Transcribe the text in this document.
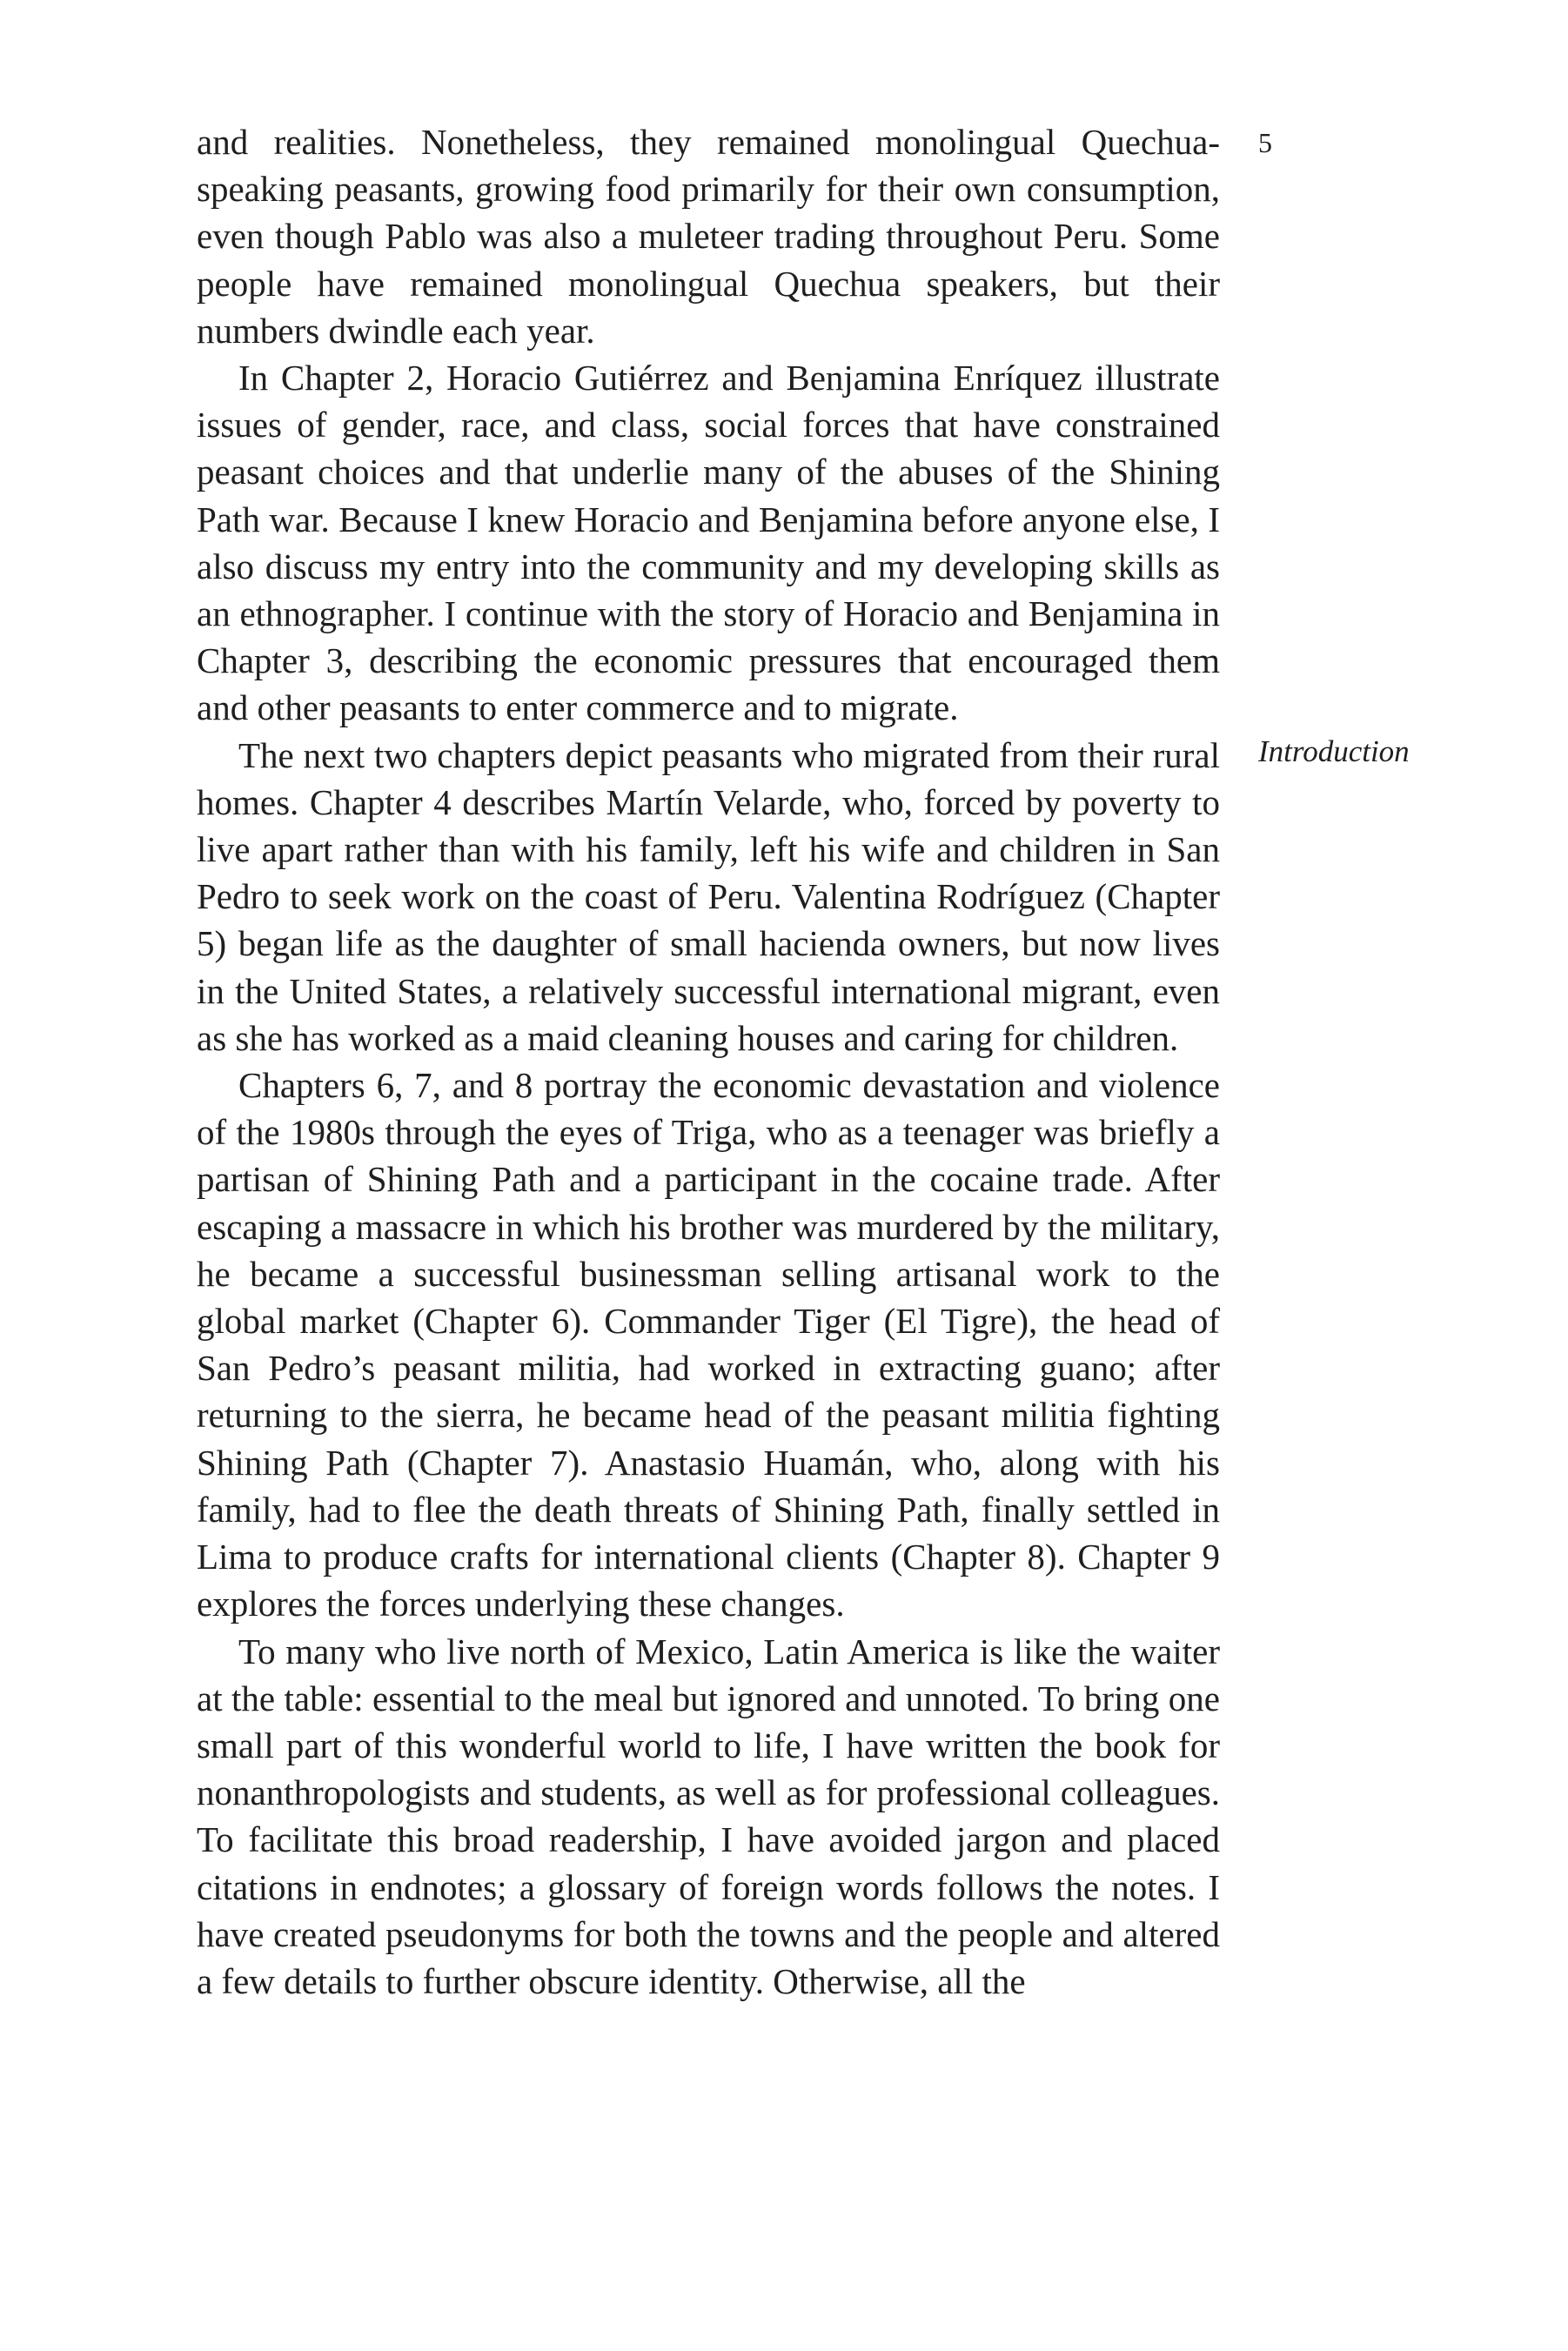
5
Introduction

and realities. Nonetheless, they remained monolingual Quechua-speaking peasants, growing food primarily for their own consumption, even though Pablo was also a muleteer trading throughout Peru. Some people have remained monolingual Quechua speakers, but their numbers dwindle each year.

In Chapter 2, Horacio Gutiérrez and Benjamina Enríquez illustrate issues of gender, race, and class, social forces that have constrained peasant choices and that underlie many of the abuses of the Shining Path war. Because I knew Horacio and Benjamina before anyone else, I also discuss my entry into the community and my developing skills as an ethnographer. I continue with the story of Horacio and Benjamina in Chapter 3, describing the economic pressures that encouraged them and other peasants to enter commerce and to migrate.

The next two chapters depict peasants who migrated from their rural homes. Chapter 4 describes Martín Velarde, who, forced by poverty to live apart rather than with his family, left his wife and children in San Pedro to seek work on the coast of Peru. Valentina Rodríguez (Chapter 5) began life as the daughter of small hacienda owners, but now lives in the United States, a relatively successful international migrant, even as she has worked as a maid cleaning houses and caring for children.

Chapters 6, 7, and 8 portray the economic devastation and violence of the 1980s through the eyes of Triga, who as a teenager was briefly a partisan of Shining Path and a participant in the cocaine trade. After escaping a massacre in which his brother was murdered by the military, he became a successful businessman selling artisanal work to the global market (Chapter 6). Commander Tiger (El Tigre), the head of San Pedro’s peasant militia, had worked in extracting guano; after returning to the sierra, he became head of the peasant militia fighting Shining Path (Chapter 7). Anastasio Huamán, who, along with his family, had to flee the death threats of Shining Path, finally settled in Lima to produce crafts for international clients (Chapter 8). Chapter 9 explores the forces underlying these changes.

To many who live north of Mexico, Latin America is like the waiter at the table: essential to the meal but ignored and unnoted. To bring one small part of this wonderful world to life, I have written the book for nonanthropologists and students, as well as for professional colleagues. To facilitate this broad readership, I have avoided jargon and placed citations in endnotes; a glossary of foreign words follows the notes. I have created pseudonyms for both the towns and the people and altered a few details to further obscure identity. Otherwise, all the
